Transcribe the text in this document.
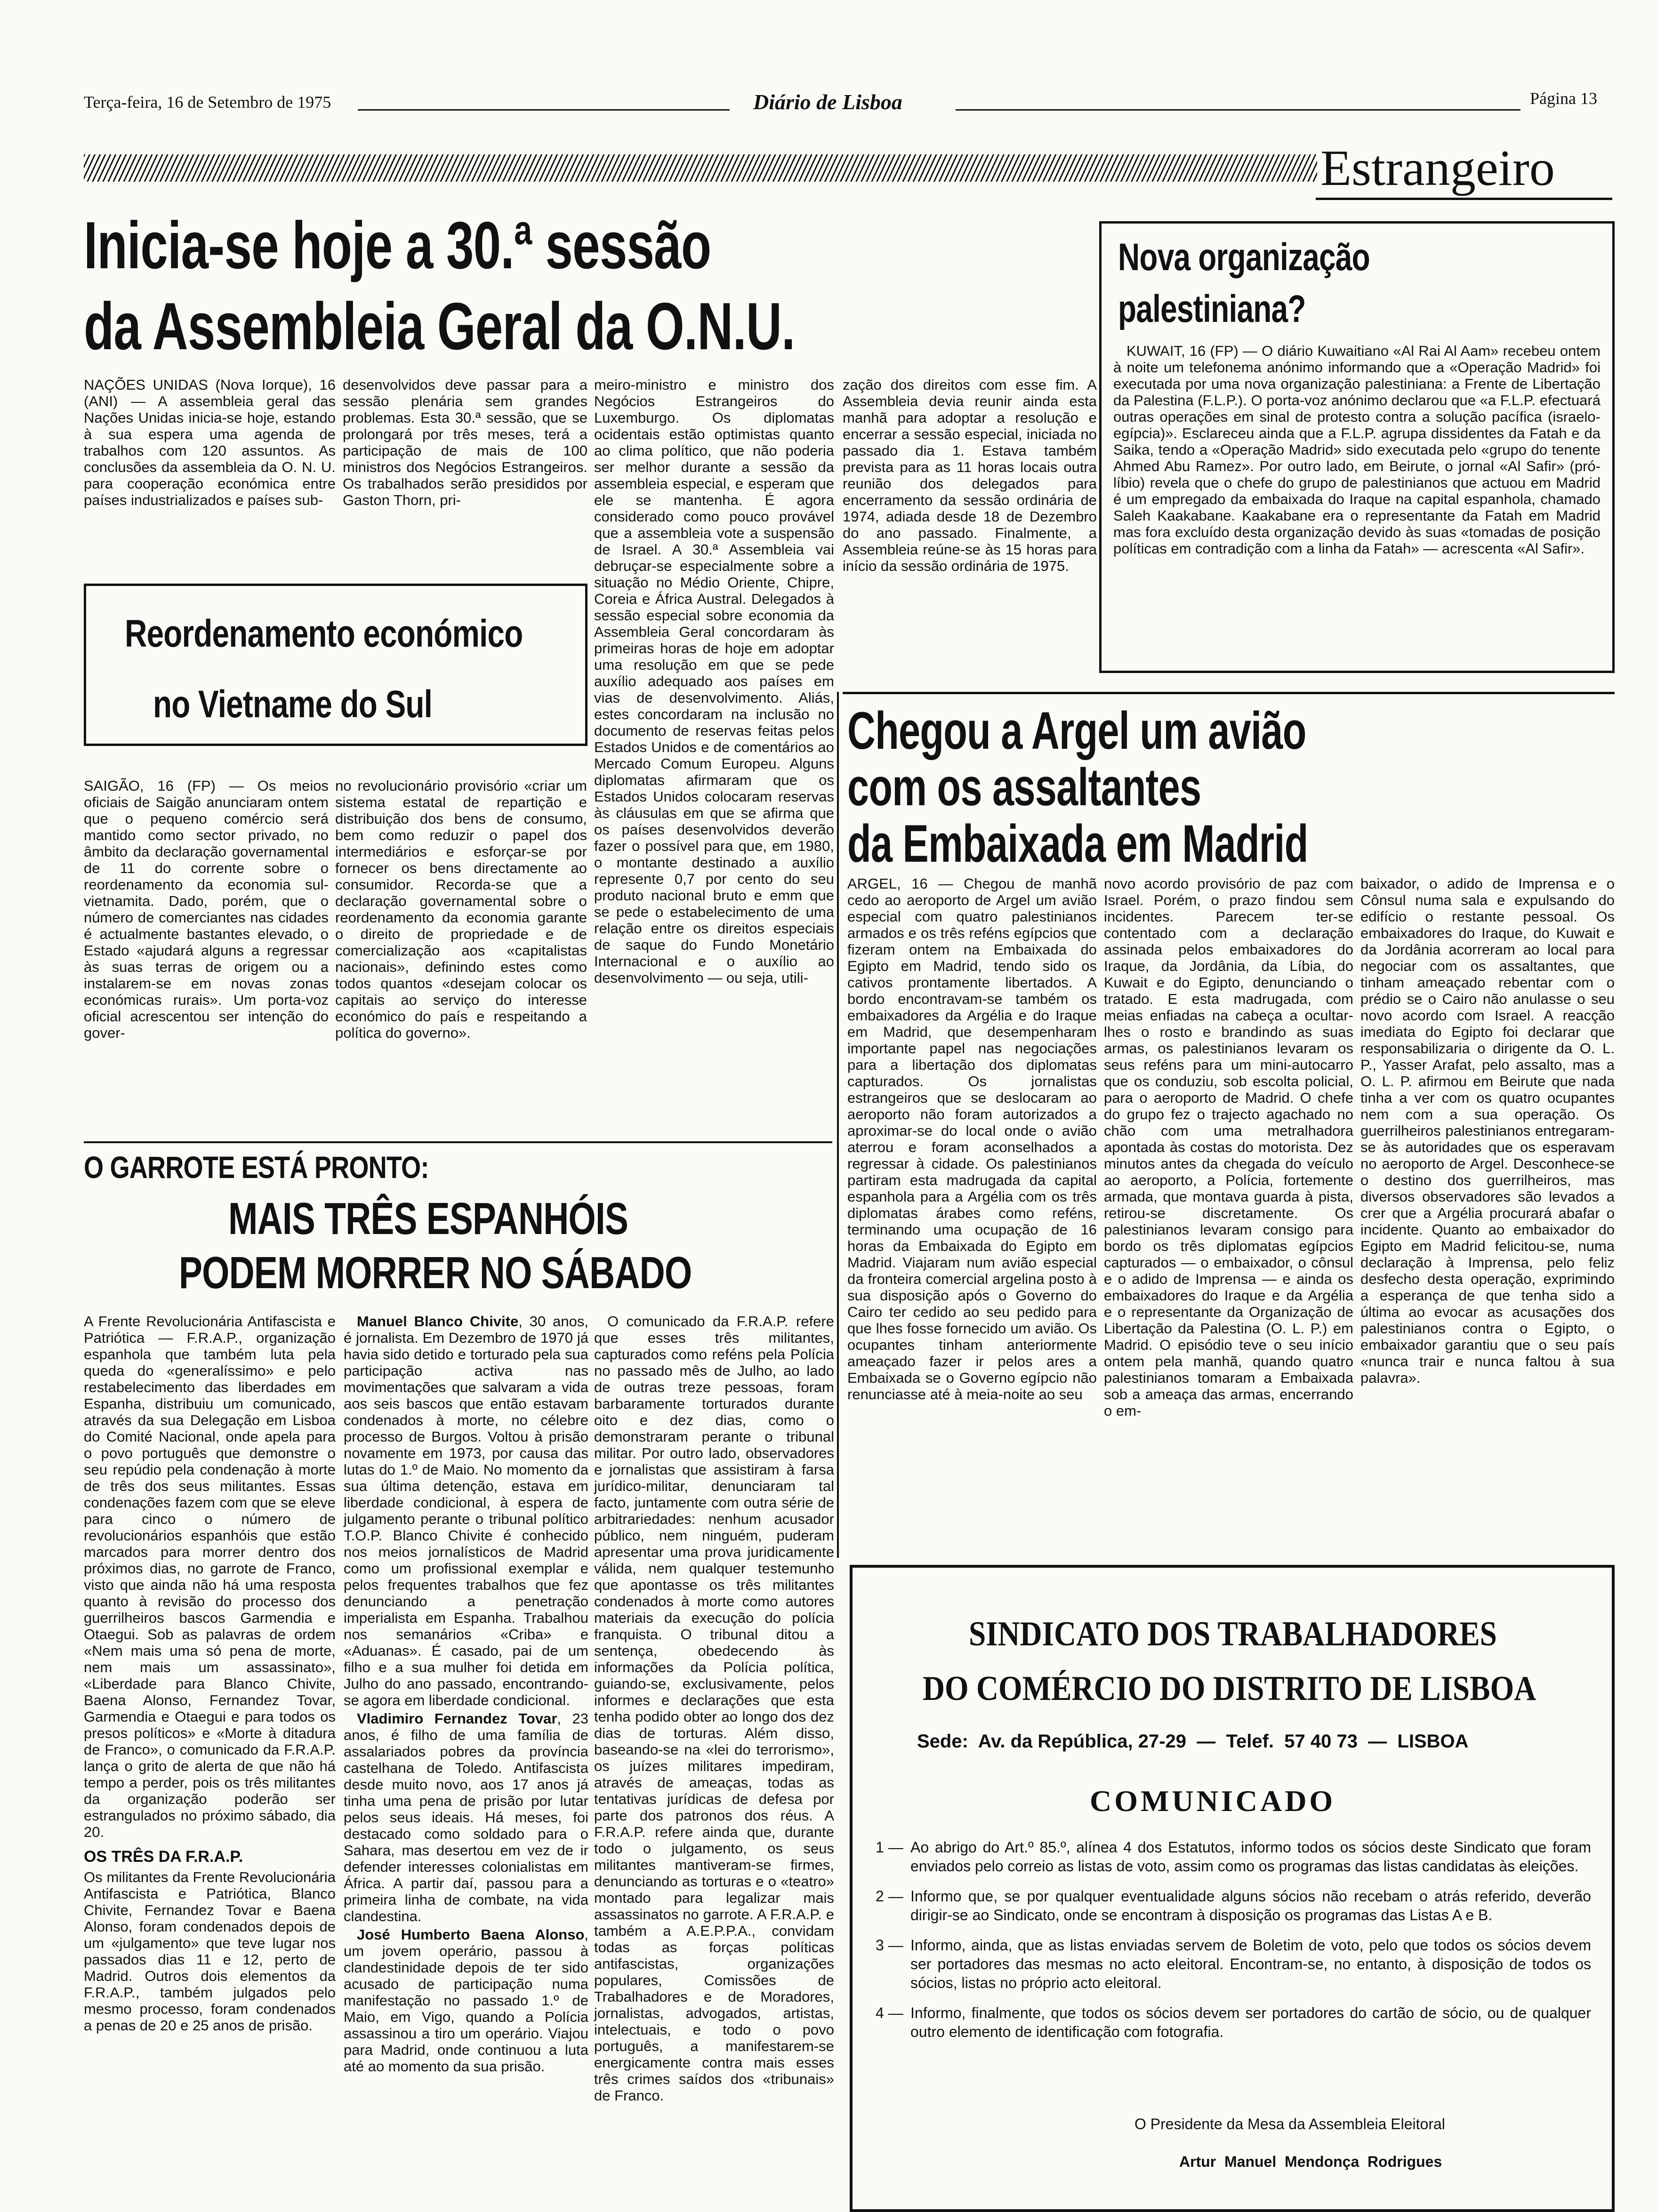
Terça-feira, 16 de Setembro de 1975	Diário de Lisboa	Página 13
Estrangeiro
Inicia-se hoje a 30.ª sessão
da Assembleia Geral da O.N.U.

NAÇÕES UNIDAS (Nova Iorque), 16 (ANI) — A assembleia geral das Nações Unidas inicia-se hoje, estando à sua espera uma agenda de trabalhos com 120 assuntos. As conclusões da assembleia da O. N. U. para cooperação económica entre países industrializados e países sub-

desenvolvidos deve passar para a sessão plenária sem grandes problemas. Esta 30.ª sessão, que se prolongará por três meses, terá a participação de mais de 100 ministros dos Negócios Estrangeiros. Os trabalhados serão presididos por Gaston Thorn, pri-

meiro-ministro e ministro dos Negócios Estrangeiros do Luxemburgo. Os diplomatas ocidentais estão optimistas quanto ao clima político, que não poderia ser melhor durante a sessão da assembleia especial, e esperam que ele se mantenha. É agora considerado como pouco provável que a assembleia vote a suspensão de Israel. A 30.ª Assembleia vai debruçar-se especialmente sobre a situação no Médio Oriente, Chipre, Coreia e África Austral. Delegados à sessão especial sobre economia da Assembleia Geral concordaram às primeiras horas de hoje em adoptar uma resolução em que se pede auxílio adequado aos países em vias de desenvolvimento. Aliás, estes concordaram na inclusão no documento de reservas feitas pelos Estados Unidos e de comentários ao Mercado Comum Europeu. Alguns diplomatas afirmaram que os Estados Unidos colocaram reservas às cláusulas em que se afirma que os países desenvolvidos deverão fazer o possível para que, em 1980, o montante destinado a auxílio represente 0,7 por cento do seu produto nacional bruto e emm que se pede o estabelecimento de uma relação entre os direitos especiais de saque do Fundo Monetário Internacional e o auxílio ao desenvolvimento — ou seja, utili-

zação dos direitos com esse fim. A Assembleia devia reunir ainda esta manhã para adoptar a resolução e encerrar a sessão especial, iniciada no passado dia 1. Estava também prevista para as 11 horas locais outra reunião dos delegados para encerramento da sessão ordinária de 1974, adiada desde 18 de Dezembro do ano passado. Finalmente, a Assembleia reúne-se às 15 horas para início da sessão ordinária de 1975.

Nova organização
palestiniana?

KUWAIT, 16 (FP) — O diário Kuwaitiano «Al Rai Al Aam» recebeu ontem à noite um telefonema anónimo informando que a «Operação Madrid» foi executada por uma nova organização palestiniana: a Frente de Libertação da Palestina (F.L.P.). O porta-voz anónimo declarou que «a F.L.P. efectuará outras operações em sinal de protesto contra a solução pacífica (israelo-egípcia)». Esclareceu ainda que a F.L.P. agrupa dissidentes da Fatah e da Saika, tendo a «Operação Madrid» sido executada pelo «grupo do tenente Ahmed Abu Ramez». Por outro lado, em Beirute, o jornal «Al Safir» (pró-líbio) revela que o chefe do grupo de palestinianos que actuou em Madrid é um empregado da embaixada do Iraque na capital espanhola, chamado Saleh Kaakabane. Kaakabane era o representante da Fatah em Madrid mas fora excluído desta organização devido às suas «tomadas de posição políticas em contradição com a linha da Fatah» — acrescenta «Al Safir».

Reordenamento económico
no Vietname do Sul

SAIGÃO, 16 (FP) — Os meios oficiais de Saigão anunciaram ontem que o pequeno comércio será mantido como sector privado, no âmbito da declaração governamental de 11 do corrente sobre o reordenamento da economia sul-vietnamita. Dado, porém, que o número de comerciantes nas cidades é actualmente bastantes elevado, o Estado «ajudará alguns a regressar às suas terras de origem ou a instalarem-se em novas zonas económicas rurais». Um porta-voz oficial acrescentou ser intenção do gover-

no revolucionário provisório «criar um sistema estatal de repartição e distribuição dos bens de consumo, bem como reduzir o papel dos intermediários e esforçar-se por fornecer os bens directamente ao consumidor. Recorda-se que a declaração governamental sobre o reordenamento da economia garante o direito de propriedade e de comercialização aos «capitalistas nacionais», definindo estes como todos quantos «desejam colocar os capitais ao serviço do interesse económico do país e respeitando a política do governo».

Chegou a Argel um avião
com os assaltantes
da Embaixada em Madrid

ARGEL, 16 — Chegou de manhã cedo ao aeroporto de Argel um avião especial com quatro palestinianos armados e os três reféns egípcios que fizeram ontem na Embaixada do Egipto em Madrid, tendo sido os cativos prontamente libertados. A bordo encontravam-se também os embaixadores da Argélia e do Iraque em Madrid, que desempenharam importante papel nas negociações para a libertação dos diplomatas capturados. Os jornalistas estrangeiros que se deslocaram ao aeroporto não foram autorizados a aproximar-se do local onde o avião aterrou e foram aconselhados a regressar à cidade. Os palestinianos partiram esta madrugada da capital espanhola para a Argélia com os três diplomatas árabes como reféns, terminando uma ocupação de 16 horas da Embaixada do Egipto em Madrid. Viajaram num avião especial da fronteira comercial argelina posto à sua disposição após o Governo do Cairo ter cedido ao seu pedido para que lhes fosse fornecido um avião. Os ocupantes tinham anteriormente ameaçado fazer ir pelos ares a Embaixada se o Governo egípcio não renunciasse até à meia-noite ao seu

novo acordo provisório de paz com Israel. Porém, o prazo findou sem incidentes. Parecem ter-se contentado com a declaração assinada pelos embaixadores do Iraque, da Jordânia, da Líbia, do Kuwait e do Egipto, denunciando o tratado. E esta madrugada, com meias enfiadas na cabeça a ocultar-lhes o rosto e brandindo as suas armas, os palestinianos levaram os seus reféns para um mini-autocarro que os conduziu, sob escolta policial, para o aeroporto de Madrid. O chefe do grupo fez o trajecto agachado no chão com uma metralhadora apontada às costas do motorista. Dez minutos antes da chegada do veículo ao aeroporto, a Polícia, fortemente armada, que montava guarda à pista, retirou-se discretamente. Os palestinianos levaram consigo para bordo os três diplomatas egípcios capturados — o embaixador, o cônsul e o adido de Imprensa — e ainda os embaixadores do Iraque e da Argélia e o representante da Organização de Libertação da Palestina (O. L. P.) em Madrid. O episódio teve o seu início ontem pela manhã, quando quatro palestinianos tomaram a Embaixada sob a ameaça das armas, encerrando o em-

baixador, o adido de Imprensa e o Cônsul numa sala e expulsando do edifício o restante pessoal. Os embaixadores do Iraque, do Kuwait e da Jordânia acorreram ao local para negociar com os assaltantes, que tinham ameaçado rebentar com o prédio se o Cairo não anulasse o seu novo acordo com Israel. A reacção imediata do Egipto foi declarar que responsabilizaria o dirigente da O. L. P., Yasser Arafat, pelo assalto, mas a O. L. P. afirmou em Beirute que nada tinha a ver com os quatro ocupantes nem com a sua operação. Os guerrilheiros palestinianos entregaram-se às autoridades que os esperavam no aeroporto de Argel. Desconhece-se o destino dos guerrilheiros, mas diversos observadores são levados a crer que a Argélia procurará abafar o incidente. Quanto ao embaixador do Egipto em Madrid felicitou-se, numa declaração à Imprensa, pelo feliz desfecho desta operação, exprimindo a esperança de que tenha sido a última ao evocar as acusações dos palestinianos contra o Egipto, o embaixador garantiu que o seu país «nunca trair e nunca faltou à sua palavra».

O GARROTE ESTÁ PRONTO:
MAIS TRÊS ESPANHÓIS
PODEM MORRER NO SÁBADO

A Frente Revolucionária Antifascista e Patriótica — F.R.A.P., organização espanhola que também luta pela queda do «generalíssimo» e pelo restabelecimento das liberdades em Espanha, distribuiu um comunicado, através da sua Delegação em Lisboa do Comité Nacional, onde apela para o povo português que demonstre o seu repúdio pela condenação à morte de três dos seus militantes. Essas condenações fazem com que se eleve para cinco o número de revolucionários espanhóis que estão marcados para morrer dentro dos próximos dias, no garrote de Franco, visto que ainda não há uma resposta quanto à revisão do processo dos guerrilheiros bascos Garmendia e Otaegui. Sob as palavras de ordem «Nem mais uma só pena de morte, nem mais um assassinato», «Liberdade para Blanco Chivite, Baena Alonso, Fernandez Tovar, Garmendia e Otaegui e para todos os presos políticos» e «Morte à ditadura de Franco», o comunicado da F.R.A.P. lança o grito de alerta de que não há tempo a perder, pois os três militantes da organização poderão ser estrangulados no próximo sábado, dia 20.

OS TRÊS DA F.R.A.P.

Os militantes da Frente Revolucionária Antifascista e Patriótica, Blanco Chivite, Fernandez Tovar e Baena Alonso, foram condenados depois de um «julgamento» que teve lugar nos passados dias 11 e 12, perto de Madrid. Outros dois elementos da F.R.A.P., também julgados pelo mesmo processo, foram condenados a penas de 20 e 25 anos de prisão.

Manuel Blanco Chivite, 30 anos, é jornalista. Em Dezembro de 1970 já havia sido detido e torturado pela sua participação activa nas movimentações que salvaram a vida aos seis bascos que então estavam condenados à morte, no célebre processo de Burgos. Voltou à prisão novamente em 1973, por causa das lutas do 1.º de Maio. No momento da sua última detenção, estava em liberdade condicional, à espera de julgamento perante o tribunal político T.O.P. Blanco Chivite é conhecido nos meios jornalísticos de Madrid como um profissional exemplar e pelos frequentes trabalhos que fez denunciando a penetração imperialista em Espanha. Trabalhou nos semanários «Criba» e «Aduanas». É casado, pai de um filho e a sua mulher foi detida em Julho do ano passado, encontrando-se agora em liberdade condicional.

Vladimiro Fernandez Tovar, 23 anos, é filho de uma família de assalariados pobres da província castelhana de Toledo. Antifascista desde muito novo, aos 17 anos já tinha uma pena de prisão por lutar pelos seus ideais. Há meses, foi destacado como soldado para o Sahara, mas desertou em vez de ir defender interesses colonialistas em África. A partir daí, passou para a primeira linha de combate, na vida clandestina.

José Humberto Baena Alonso, um jovem operário, passou à clandestinidade depois de ter sido acusado de participação numa manifestação no passado 1.º de Maio, em Vigo, quando a Polícia assassinou a tiro um operário. Viajou para Madrid, onde continuou a luta até ao momento da sua prisão.

O comunicado da F.R.A.P. refere que esses três militantes, capturados como reféns pela Polícia no passado mês de Julho, ao lado de outras treze pessoas, foram barbaramente torturados durante oito e dez dias, como o demonstraram perante o tribunal militar. Por outro lado, observadores e jornalistas que assistiram à farsa jurídico-militar, denunciaram tal facto, juntamente com outra série de arbitrariedades: nenhum acusador público, nem ninguém, puderam apresentar uma prova juridicamente válida, nem qualquer testemunho que apontasse os três militantes condenados à morte como autores materiais da execução do polícia franquista. O tribunal ditou a sentença, obedecendo às informações da Polícia política, guiando-se, exclusivamente, pelos informes e declarações que esta tenha podido obter ao longo dos dez dias de torturas. Além disso, baseando-se na «lei do terrorismo», os juízes militares impediram, através de ameaças, todas as tentativas jurídicas de defesa por parte dos patronos dos réus. A F.R.A.P. refere ainda que, durante todo o julgamento, os seus militantes mantiveram-se firmes, denunciando as torturas e o «teatro» montado para legalizar mais assassinatos no garrote. A F.R.A.P. e também a A.E.P.P.A., convidam todas as forças políticas antifascistas, organizações populares, Comissões de Trabalhadores e de Moradores, jornalistas, advogados, artistas, intelectuais, e todo o povo português, a manifestarem-se energicamente contra mais esses três crimes saídos dos «tribunais» de Franco.

SINDICATO DOS TRABALHADORES
DO COMÉRCIO DO DISTRITO DE LISBOA
Sede:  Av. da República, 27-29  —  Telef.  57 40 73  —  LISBOA
COMUNICADO
1 — Ao abrigo do Art.º 85.º, alínea 4 dos Estatutos, informo todos os sócios deste Sindicato que foram enviados pelo correio as listas de voto, assim como os programas das listas candidatas às eleições.
2 — Informo que, se por qualquer eventualidade alguns sócios não recebam o atrás referido, deverão dirigir-se ao Sindicato, onde se encontram à disposição os programas das Listas A e B.
3 — Informo, ainda, que as listas enviadas servem de Boletim de voto, pelo que todos os sócios devem ser portadores das mesmas no acto eleitoral. Encontram-se, no entanto, à disposição de todos os sócios, listas no próprio acto eleitoral.
4 — Informo, finalmente, que todos os sócios devem ser portadores do cartão de sócio, ou de qualquer outro elemento de identificação com fotografia.
O Presidente da Mesa da Assembleia Eleitoral
Artur  Manuel  Mendonça  Rodrigues
